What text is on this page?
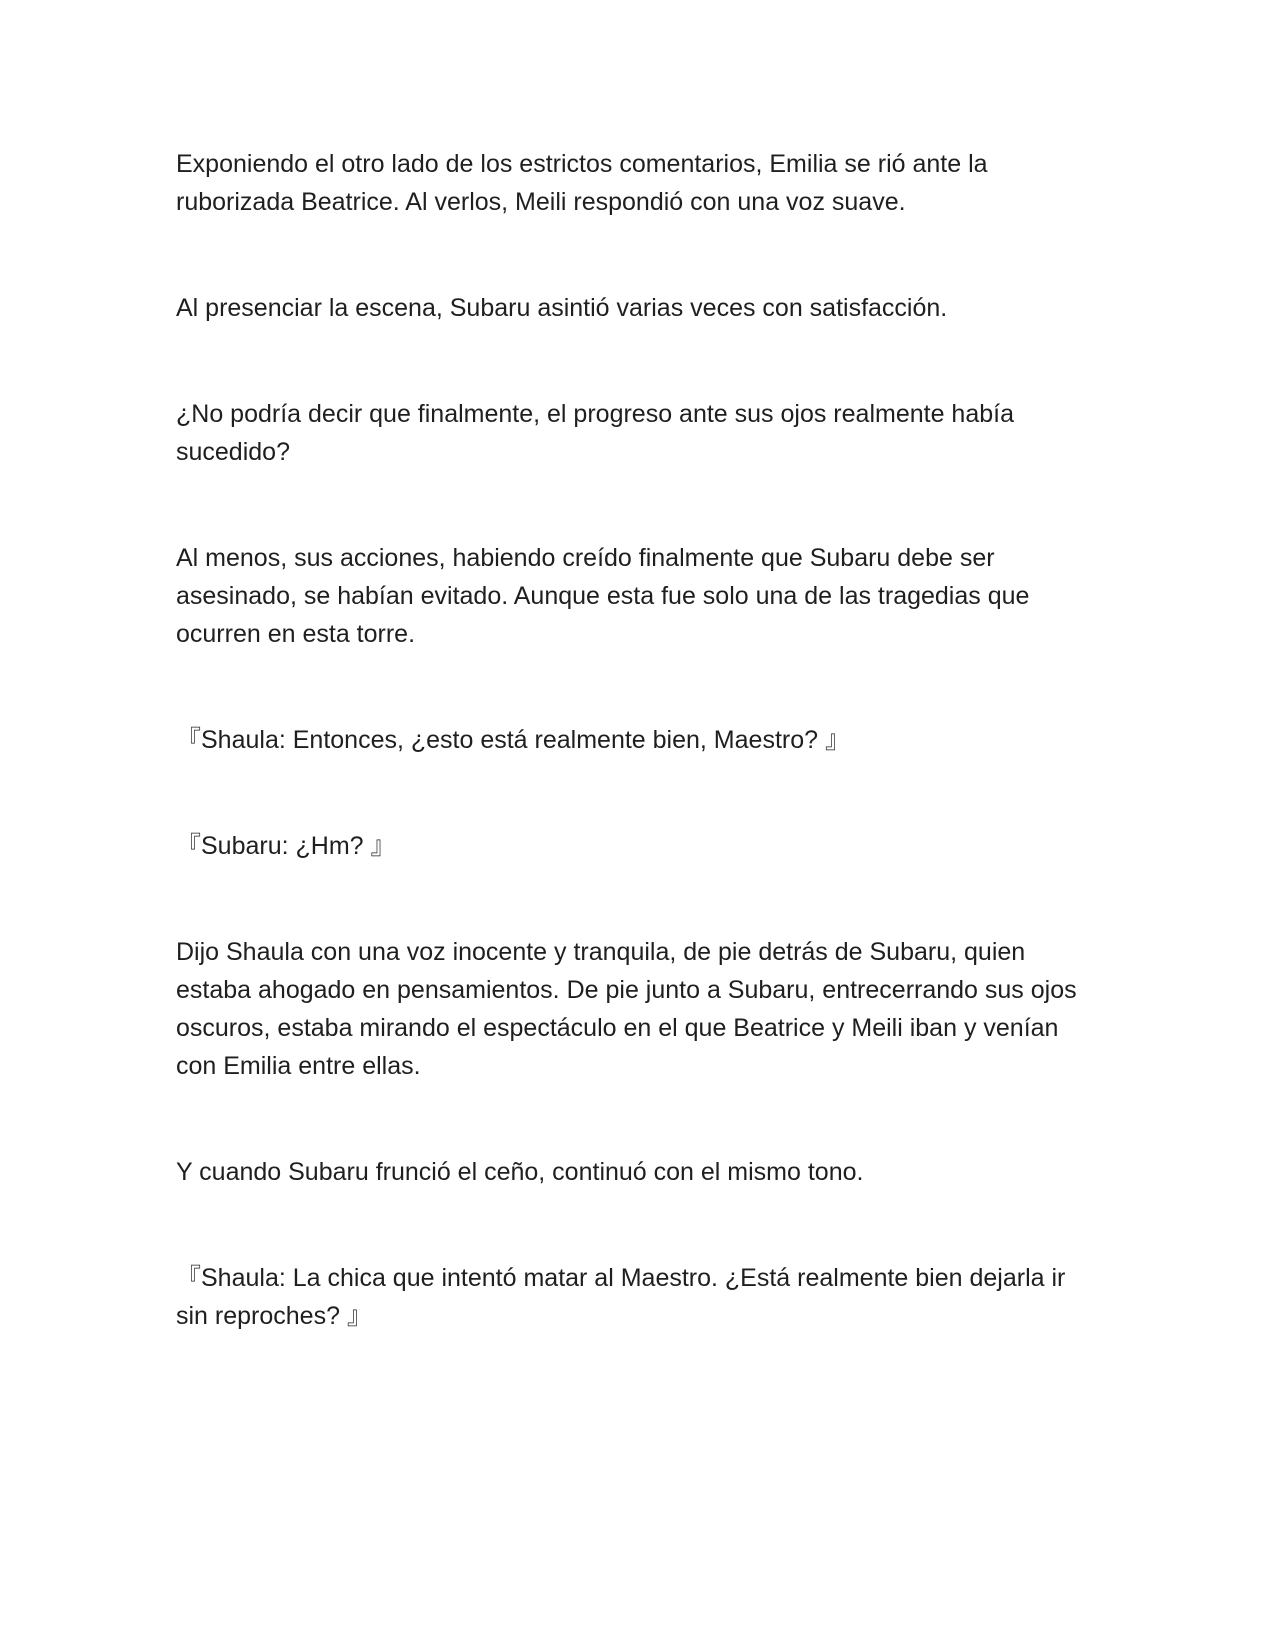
Exponiendo el otro lado de los estrictos comentarios, Emilia se rió ante la ruborizada Beatrice. Al verlos, Meili respondió con una voz suave.

Al presenciar la escena, Subaru asintió varias veces con satisfacción.

¿No podría decir que finalmente, el progreso ante sus ojos realmente había sucedido?

Al menos, sus acciones, habiendo creído finalmente que Subaru debe ser asesinado, se habían evitado. Aunque esta fue solo una de las tragedias que ocurren en esta torre.

『Shaula: Entonces, ¿esto está realmente bien, Maestro? 』

『Subaru: ¿Hm? 』

Dijo Shaula con una voz inocente y tranquila, de pie detrás de Subaru, quien estaba ahogado en pensamientos. De pie junto a Subaru, entrecerrando sus ojos oscuros, estaba mirando el espectáculo en el que Beatrice y Meili iban y venían con Emilia entre ellas.

Y cuando Subaru frunció el ceño, continuó con el mismo tono.

『Shaula: La chica que intentó matar al Maestro. ¿Está realmente bien dejarla ir sin reproches? 』
